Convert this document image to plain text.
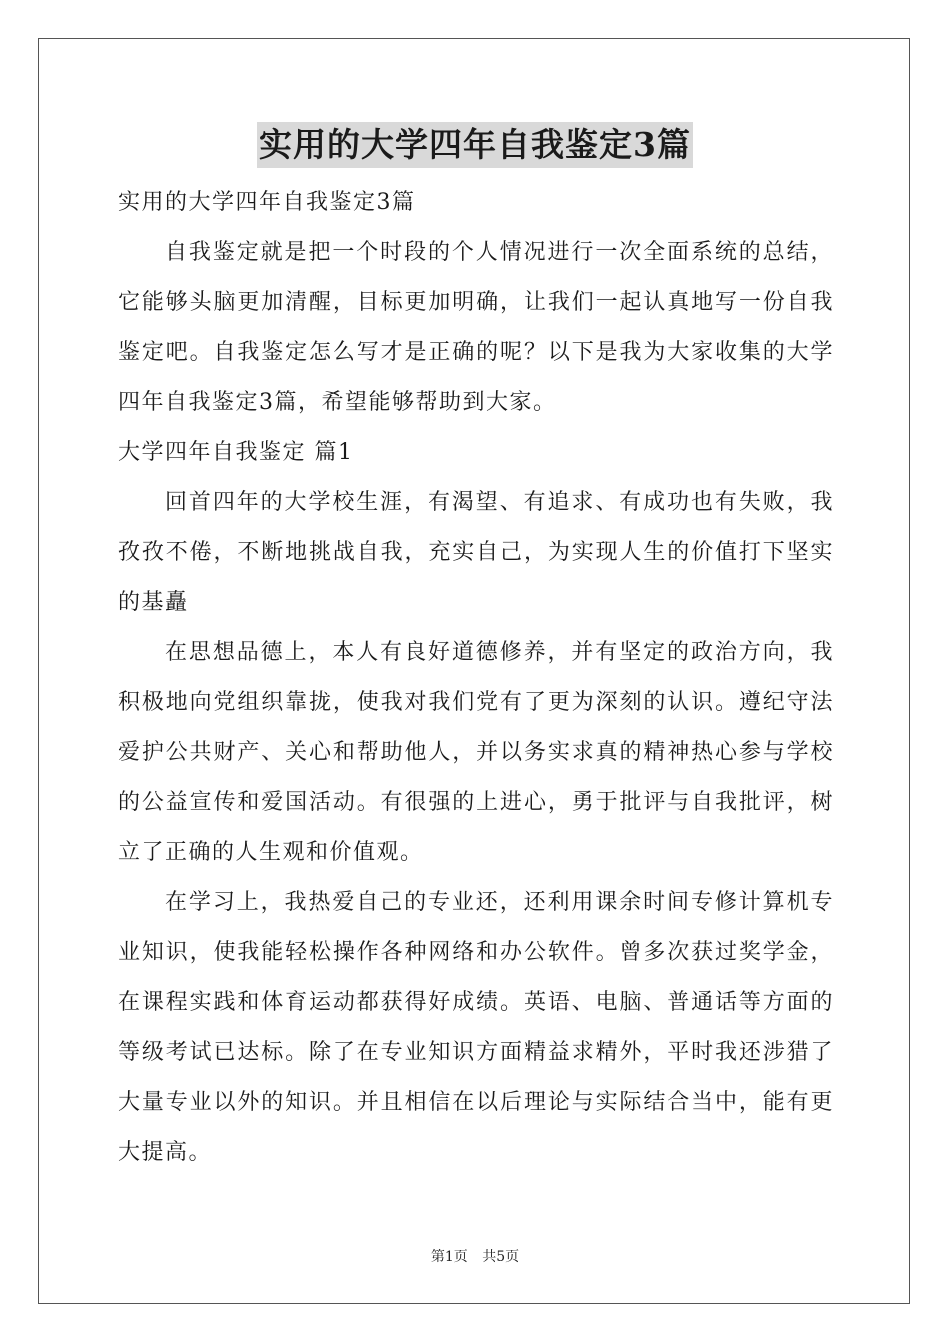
实用的大学四年自我鉴定3篇

实用的大学四年自我鉴定3篇

自我鉴定就是把一个时段的个人情况进行一次全面系统的总结，它能够头脑更加清醒，目标更加明确，让我们一起认真地写一份自我鉴定吧。自我鉴定怎么写才是正确的呢？以下是我为大家收集的大学四年自我鉴定3篇，希望能够帮助到大家。

大学四年自我鉴定 篇1

回首四年的大学校生涯，有渴望、有追求、有成功也有失败，我孜孜不倦，不断地挑战自我，充实自己，为实现人生的价值打下坚实的基矗

在思想品德上，本人有良好道德修养，并有坚定的政治方向，我积极地向党组织靠拢，使我对我们党有了更为深刻的认识。遵纪守法爱护公共财产、关心和帮助他人，并以务实求真的精神热心参与学校的公益宣传和爱国活动。有很强的上进心，勇于批评与自我批评，树立了正确的人生观和价值观。

在学习上，我热爱自己的专业还，还利用课余时间专修计算机专业知识，使我能轻松操作各种网络和办公软件。曾多次获过奖学金，在课程实践和体育运动都获得好成绩。英语、电脑、普通话等方面的等级考试已达标。除了在专业知识方面精益求精外，平时我还涉猎了大量专业以外的知识。并且相信在以后理论与实际结合当中，能有更大提高。

第1页 共5页
